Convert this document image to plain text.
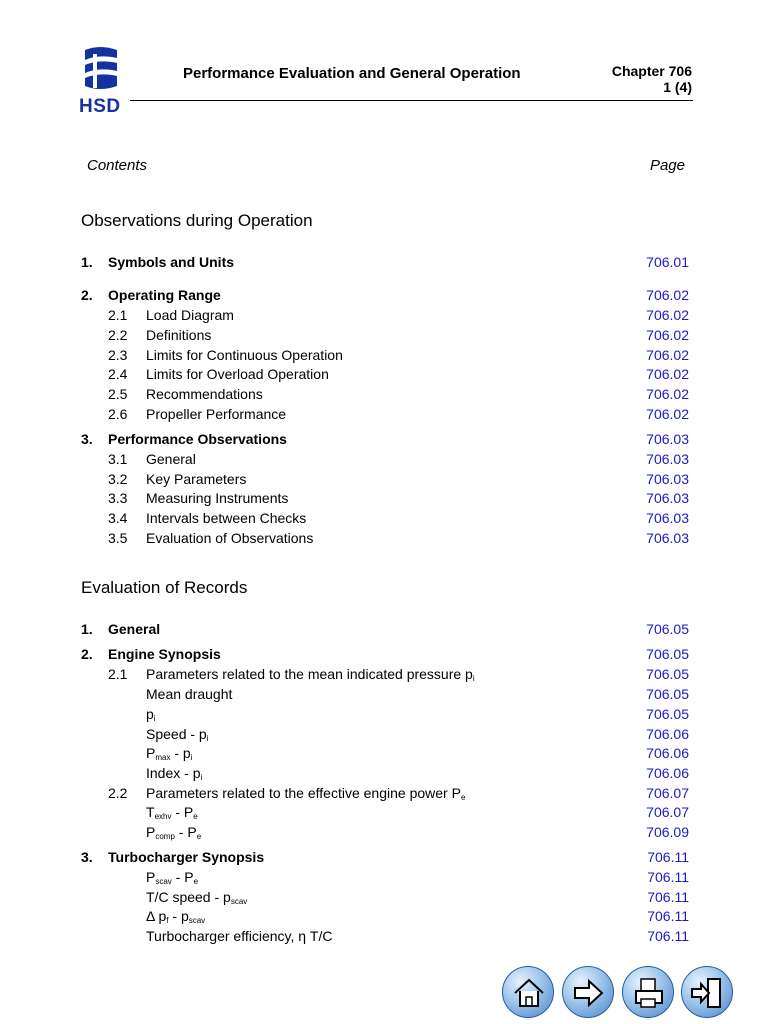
HSD
Performance Evaluation and General Operation	Chapter 706
1 (4)
Contents	Page
Observations during Operation
1. Symbols and Units	706.01
2. Operating Range	706.02
2.1 Load Diagram	706.02
2.2 Definitions	706.02
2.3 Limits for Continuous Operation	706.02
2.4 Limits for Overload Operation	706.02
2.5 Recommendations	706.02
2.6 Propeller Performance	706.02
3. Performance Observations	706.03
3.1 General	706.03
3.2 Key Parameters	706.03
3.3 Measuring Instruments	706.03
3.4 Intervals between Checks	706.03
3.5 Evaluation of Observations	706.03
Evaluation of Records
1. General	706.05
2. Engine Synopsis	706.05
2.1 Parameters related to the mean indicated pressure $p_i$	706.05
Mean draught	706.05
$p_i$	706.05
Speed - $p_i$	706.06
$P_{max} - p_i$	706.06
Index - $p_i$	706.06
2.2 Parameters related to the effective engine power $P_e$	706.07
$T_{exhv} - P_e$	706.07
$P_{comp} - P_e$	706.09
3. Turbocharger Synopsis	706.11
$P_{scav} - P_e$	706.11
T/C speed - $p_{scav}$	706.11
Δ $p_f - p_{scav}$	706.11
Turbocharger efficiency, η T/C	706.11
